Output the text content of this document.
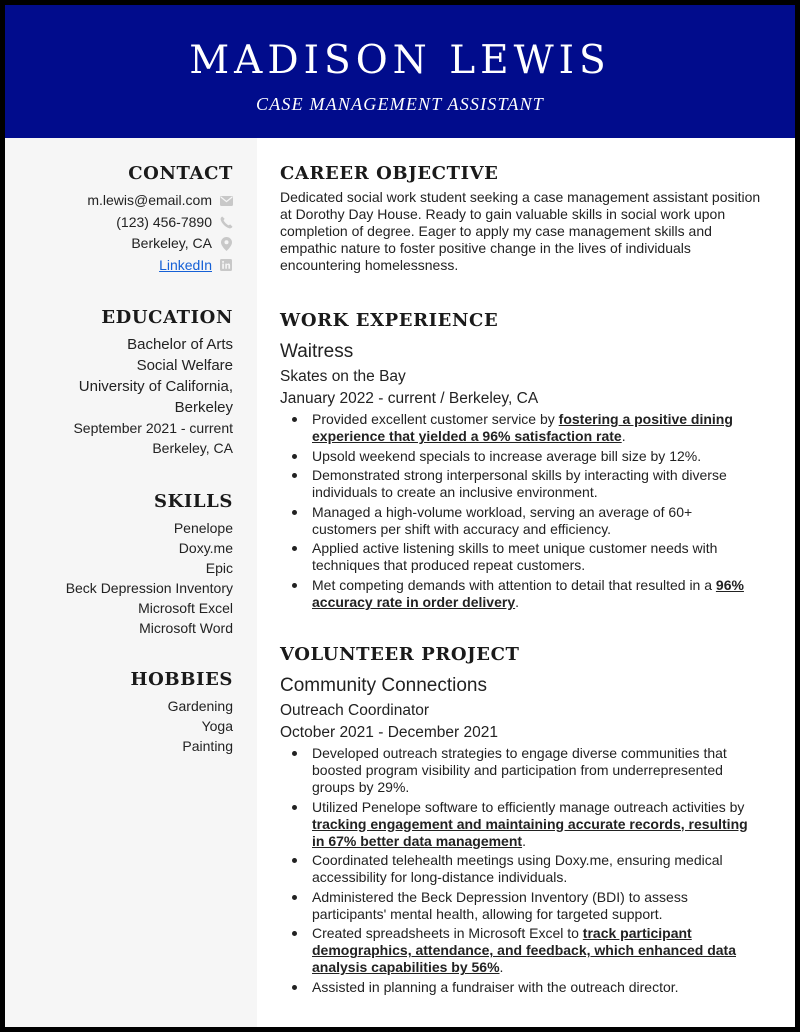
MADISON LEWIS
CASE MANAGEMENT ASSISTANT
CONTACT
m.lewis@email.com
(123) 456-7890
Berkeley, CA
LinkedIn
EDUCATION
Bachelor of Arts
Social Welfare
University of California,
Berkeley
September 2021 - current
Berkeley, CA
SKILLS
Penelope
Doxy.me
Epic
Beck Depression Inventory
Microsoft Excel
Microsoft Word
HOBBIES
Gardening
Yoga
Painting
CAREER OBJECTIVE
Dedicated social work student seeking a case management assistant position at Dorothy Day House. Ready to gain valuable skills in social work upon completion of degree. Eager to apply my case management skills and empathic nature to foster positive change in the lives of individuals encountering homelessness.
WORK EXPERIENCE
Waitress
Skates on the Bay
January 2022 - current / Berkeley, CA
Provided excellent customer service by fostering a positive dining experience that yielded a 96% satisfaction rate.
Upsold weekend specials to increase average bill size by 12%.
Demonstrated strong interpersonal skills by interacting with diverse individuals to create an inclusive environment.
Managed a high-volume workload, serving an average of 60+ customers per shift with accuracy and efficiency.
Applied active listening skills to meet unique customer needs with techniques that produced repeat customers.
Met competing demands with attention to detail that resulted in a 96% accuracy rate in order delivery.
VOLUNTEER PROJECT
Community Connections
Outreach Coordinator
October 2021 - December 2021
Developed outreach strategies to engage diverse communities that boosted program visibility and participation from underrepresented groups by 29%.
Utilized Penelope software to efficiently manage outreach activities by tracking engagement and maintaining accurate records, resulting in 67% better data management.
Coordinated telehealth meetings using Doxy.me, ensuring medical accessibility for long-distance individuals.
Administered the Beck Depression Inventory (BDI) to assess participants' mental health, allowing for targeted support.
Created spreadsheets in Microsoft Excel to track participant demographics, attendance, and feedback, which enhanced data analysis capabilities by 56%.
Assisted in planning a fundraiser with the outreach director.
